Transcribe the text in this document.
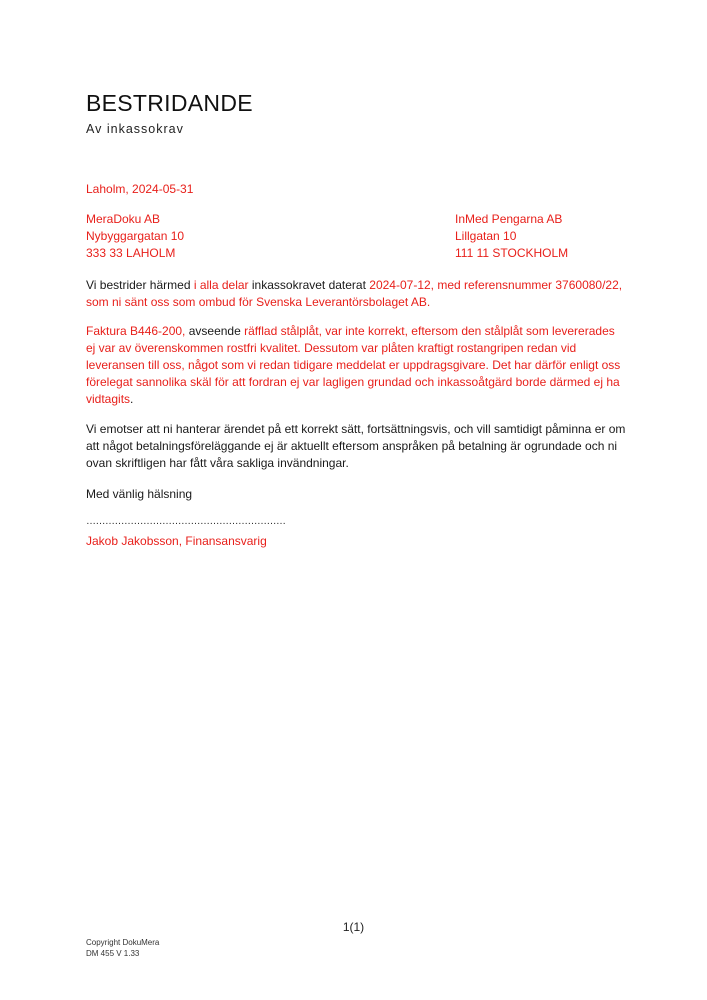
BESTRIDANDE
Av inkassokrav
Laholm, 2024-05-31
MeraDoku AB
Nybyggargatan 10
333 33 LAHOLM
InMed Pengarna AB
Lillgatan 10
111 11 STOCKHOLM

Vi bestrider härmed i alla delar inkassokravet daterat 2024-07-12, med referensnummer 3760080/22, som ni sänt oss som ombud för Svenska Leverantörsbolaget AB.

Faktura B446-200, avseende räfflad stålplåt, var inte korrekt, eftersom den stålplåt som levererades ej var av överenskommen rostfri kvalitet. Dessutom var plåten kraftigt rostangripen redan vid leveransen till oss, något som vi redan tidigare meddelat er uppdragsgivare. Det har därför enligt oss förelegat sannolika skäl för att fordran ej var lagligen grundad och inkassoåtgärd borde därmed ej ha vidtagits.

Vi emotser att ni hanterar ärendet på ett korrekt sätt, fortsättningsvis, och vill samtidigt påminna er om att något betalningsföreläggande ej är aktuellt eftersom anspråken på betalning är ogrundade och ni ovan skriftligen har fått våra sakliga invändningar.

Med vänlig hälsning

………………………………………………………
Jakob Jakobsson, Finansansvarig
1(1)
Copyright DokuMera
DM 455 V 1.33
